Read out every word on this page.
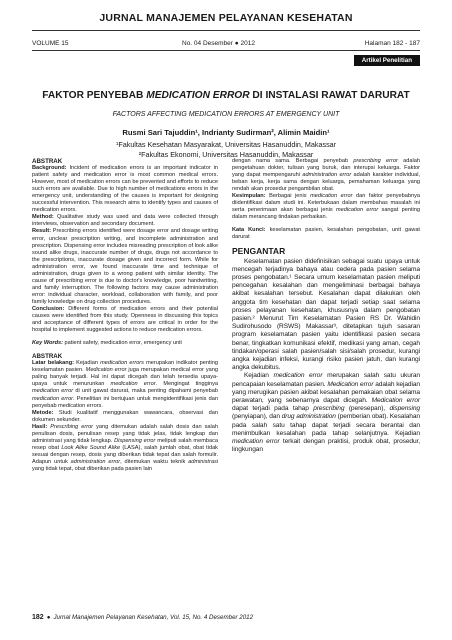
JURNAL MANAJEMEN PELAYANAN KESEHATAN
VOLUME 15	No. 04 Desember ● 2012	Halaman 182 - 187
Artikel Penelitian
FAKTOR PENYEBAB MEDICATION ERROR DI INSTALASI RAWAT DARURAT
FACTORS AFFECTING MEDICATION ERRORS AT EMERGENCY UNIT
Rusmi Sari Tajuddin¹, Indrianty Sudirman², Alimin Maidin¹
¹Fakultas Kesehatan Masyarakat, Universitas Hasanuddin, Makassar
²Fakultas Ekonomi, Universitas Hasanuddin, Makassar
ABSTRAK

Background: Incident of medication errors is an important indicator in patient safety and medication error is most common medical errors. However, most of medication errors can be prevented and efforts to reduce such errors are available. Due to high number of medications errors in the emergency unit, understanding of the causes is important for designing successful intervention. This research aims to identify types and causes of medication errors.

Method: Qualitative study was used and data were collected through interviews, observation and secondary document.

Result: Prescribing errors identified were dosage error and dosage writing error, unclear prescription writing, and incomplete administration and prescription. Dispensing error includes misreading prescription of look alike sound alike drugs, inaccurate number of drugs, drugs not accordance to the prescriptions, inaccurate dosage given and incorrect form. While for administration error, we found inaccurate time and technique of administration, drugs given to a wrong patient with similar identity. The cause of prescribing error is due to doctor's knowledge, poor handwriting, and family interruption. The following factors may cause administration error: individual character, workload, collaboration with family, and poor family knowledge on drug collection procedures.

Conclusion: Different forms of medication errors and their potential causes were identified from this study. Openness in discussing this topics and acceptance of different types of errors are critical in order for the hospital to implement suggested actions to reduce medication errors.

Key Words: patient safety, medication error, emergency unit

ABSTRAK

Latar belakang: Kejadian medication errors merupakan indikator penting keselamatan pasien. Medication error juga merupakan medical error yang paling banyak terjadi. Hal ini dapat dicegah dan telah tersedia upaya-upaya untuk menurunkan medication error. Mengingat tingginya medication error di unit gawat darurat, maka penting dipahami penyebab medication error. Penelitian ini bertujuan untuk mengidentifikasi jenis dan penyebab medication errors.

Metode: Studi kualitatif menggunakan wawancara, observasi dan dokumen sekunder.

Hasil: Prescribing error yang ditemukan adalah salah dosis dan salah penulisan dosis, penulisan resep yang tidak jelas, tidak lengkap dan administrasi yang tidak lengkap. Dispensing error meliputi salah membaca resep obat Look Alike Sound Alike (LASA), salah jumlah obat, obat tidak sesuai dengan resep, dosis yang diberikan tidak tepat dan salah formulir. Adapun untuk administration error, ditemukan waktu teknik administrasi yang tidak tepat, obat diberikan pada pasien lain

dengan nama sama. Berbagai penyebab prescribing error adalah pengetahuan dokter, tulisan yang buruk, dan interupsi keluarga. Faktor yang dapat mempengaruhi administration error adalah karakter individual, beban kerja, kerja sama dengan keluarga, pemahaman keluarga yang rendah akan prosedur pengambilan obat.

Kesimpulan: Berbagai jenis medication error dan faktor penyebabnya diidentifikasi dalam studi ini. Keterbukaan dalam membahas masalah ini serta penerimaan akan berbagai jenis medication error sangat penting dalam merancang tindakan perbaikan.

Kata Kunci: keselamatan pasien, kesalahan pengobatan, unit gawat darurat

PENGANTAR

Keselamatan pasien didefinisikan sebagai suatu upaya untuk mencegah terjadinya bahaya atau cedera pada pasien selama proses pengobatan.¹ Secara umum keselamatan pasien meliputi pencegahan kesalahan dan mengeliminasi berbagai bahaya akibat kesalahan tersebut. Kesalahan dapat dilakukan oleh anggota tim kesehatan dan dapat terjadi setiap saat selama proses pelayanan kesehatan, khususnya dalam pengobatan pasien.² Menurut Tim Keselamatan Pasien RS Dr. Wahidin Sudirohusodo (RSWS) Makassar³, ditetapkan tujuh sasaran program keselamatan pasien yaitu identifikasi pasien secara benar, tingkatkan komunikasi efektif, medikasi yang aman, cegah tindakan/operasi salah pasien/salah sisi/salah prosedur, kurangi angka kejadian infeksi, kurangi risiko pasien jatuh, dan kurangi angka dekubitus.

Kejadian medication error merupakan salah satu ukuran pencapaian keselamatan pasien. Medication error adalah kejadian yang merugikan pasien akibat kesalahan pemakaian obat selama perawatan, yang sebenarnya dapat dicegah. Medication error dapat terjadi pada tahap prescribing (peresepan), dispensing (penyiapan), dan drug administration (pemberian obat). Kesalahan pada salah satu tahap dapat terjadi secara berantai dan menimbulkan kesalahan pada tahap selanjutnya. Kejadian medication error terkait dengan praktisi, produk obat, prosedur, lingkungan

182 ● Jurnal Manajemen Pelayanan Kesehatan, Vol. 15, No. 4 Desember 2012
